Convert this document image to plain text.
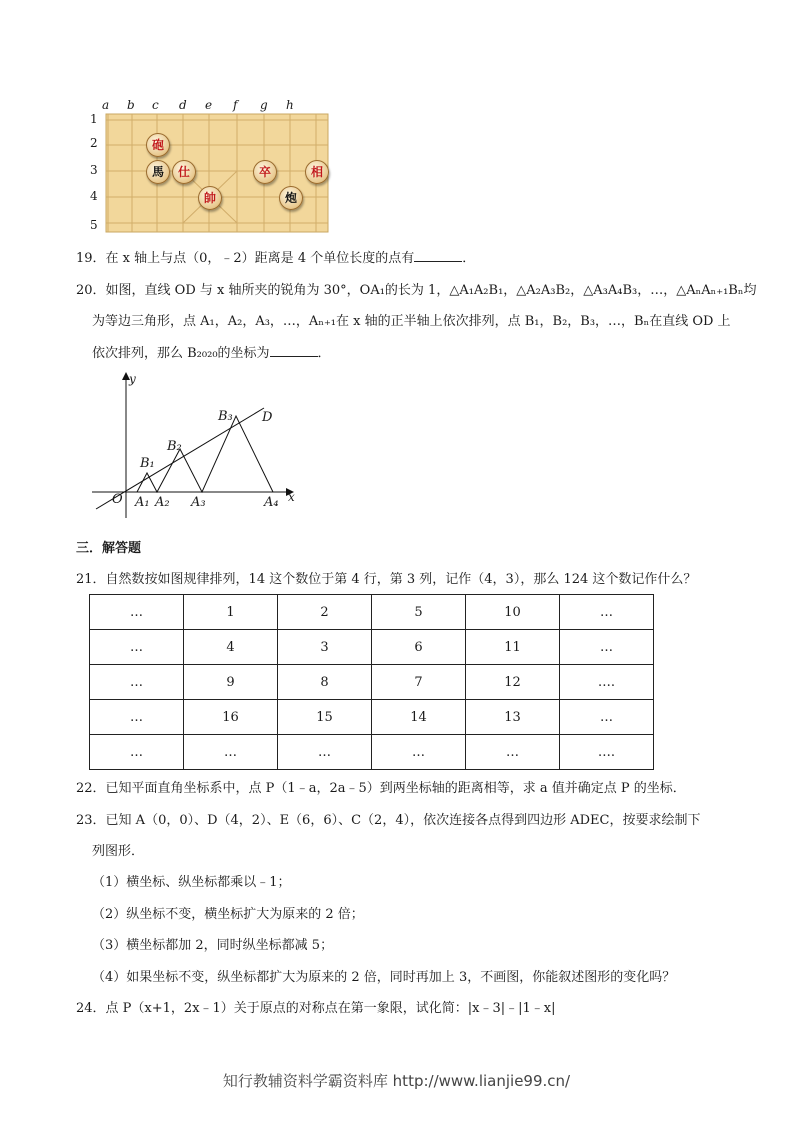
a b c d e f g h
1
2
3
4
5
砲
馬	仕
帥
卒	相
炮
19．在 x 轴上与点（0，﹣2）距离是 4 个单位长度的点有	．
20．如图，直线 OD 与 x 轴所夹的锐角为 30°，OA₁的长为 1，△A₁A₂B₁，△A₂A₃B₂，△A₃A₄B₃，…，△AₙAₙ₊₁Bₙ均
为等边三角形，点 A₁，A₂，A₃，…，Aₙ₊₁在 x 轴的正半轴上依次排列，点 B₁，B₂，B₃，…，Bₙ在直线 OD 上
依次排列，那么 B₂₀₂₀的坐标为	．
y
x
O
D
A₁ A₂ A₃	A₄
B₁
B₂
B₃
三．解答题
21．自然数按如图规律排列，14 这个数位于第 4 行，第 3 列，记作（4，3），那么 124 这个数记作什么？
…	1	2	5	10	…
…	4	3	6	11	…
…	9	8	7	12	….
…	16	15	14	13	…
…	…	…	…	…	….
22．已知平面直角坐标系中，点 P（1﹣a，2a﹣5）到两坐标轴的距离相等，求 a 值并确定点 P 的坐标．
23．已知 A（0，0）、D（4，2）、E（6，6）、C（2，4），依次连接各点得到四边形 ADEC，按要求绘制下
列图形．
（1）横坐标、纵坐标都乘以﹣1；
（2）纵坐标不变，横坐标扩大为原来的 2 倍；
（3）横坐标都加 2，同时纵坐标都减 5；
（4）如果坐标不变，纵坐标都扩大为原来的 2 倍，同时再加上 3，不画图，你能叙述图形的变化吗？
24．点 P（x+1，2x﹣1）关于原点的对称点在第一象限，试化简：|x﹣3|﹣|1﹣x|
知行教辅资料学霸资料库 http://www.lianjie99.cn/
